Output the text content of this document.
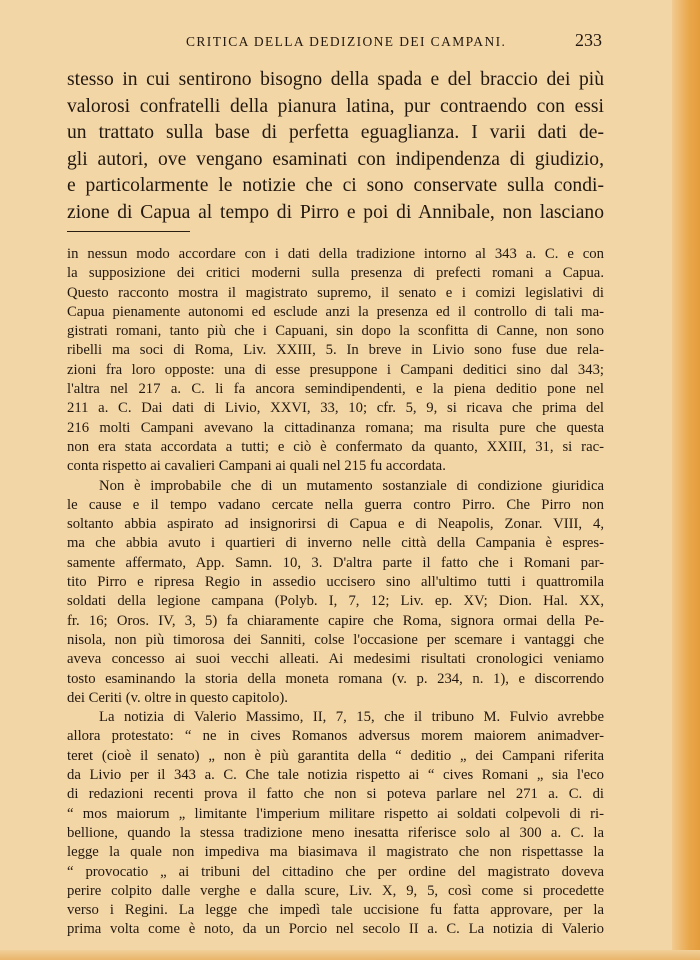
CRITICA DELLA DEDIZIONE DEI CAMPANI.	233
stesso in cui sentirono bisogno della spada e del braccio dei più
valorosi confratelli della pianura latina, pur contraendo con essi
un trattato sulla base di perfetta eguaglianza. I varii dati de-
gli autori, ove vengano esaminati con indipendenza di giudizio,
e particolarmente le notizie che ci sono conservate sulla condi-
zione di Capua al tempo di Pirro e poi di Annibale, non lasciano
in nessun modo accordare con i dati della tradizione intorno al 343 a. C. e con
la supposizione dei critici moderni sulla presenza di prefecti romani a Capua.
Questo racconto mostra il magistrato supremo, il senato e i comizi legislativi di
Capua pienamente autonomi ed esclude anzi la presenza ed il controllo di tali ma-
gistrati romani, tanto più che i Capuani, sin dopo la sconfitta di Canne, non sono
ribelli ma soci di Roma, Liv. XXIII, 5. In breve in Livio sono fuse due rela-
zioni fra loro opposte: una di esse presuppone i Campani deditici sino dal 343;
l'altra nel 217 a. C. li fa ancora semindipendenti, e la piena deditio pone nel
211 a. C. Dai dati di Livio, XXVI, 33, 10; cfr. 5, 9, si ricava che prima del
216 molti Campani avevano la cittadinanza romana; ma risulta pure che questa
non era stata accordata a tutti; e ciò è confermato da quanto, XXIII, 31, si rac-
conta rispetto ai cavalieri Campani ai quali nel 215 fu accordata.
Non è improbabile che di un mutamento sostanziale di condizione giuridica
le cause e il tempo vadano cercate nella guerra contro Pirro. Che Pirro non
soltanto abbia aspirato ad insignorirsi di Capua e di Neapolis, Zonar. VIII, 4,
ma che abbia avuto i quartieri di inverno nelle città della Campania è espres-
samente affermato, App. Samn. 10, 3. D'altra parte il fatto che i Romani par-
tito Pirro e ripresa Regio in assedio uccisero sino all'ultimo tutti i quattromila
soldati della legione campana (Polyb. I, 7, 12; Liv. ep. XV; Dion. Hal. XX,
fr. 16; Oros. IV, 3, 5) fa chiaramente capire che Roma, signora ormai della Pe-
nisola, non più timorosa dei Sanniti, colse l'occasione per scemare i vantaggi che
aveva concesso ai suoi vecchi alleati. Ai medesimi risultati cronologici veniamo
tosto esaminando la storia della moneta romana (v. p. 234, n. 1), e discorrendo
dei Ceriti (v. oltre in questo capitolo).
La notizia di Valerio Massimo, II, 7, 15, che il tribuno M. Fulvio avrebbe
allora protestato: “ ne in cives Romanos adversus morem maiorem animadver-
teret (cioè il senato) „ non è più garantita della “ deditio „ dei Campani riferita
da Livio per il 343 a. C. Che tale notizia rispetto ai “ cives Romani „ sia l'eco
di redazioni recenti prova il fatto che non si poteva parlare nel 271 a. C. di
“ mos maiorum „ limitante l'imperium militare rispetto ai soldati colpevoli di ri-
bellione, quando la stessa tradizione meno inesatta riferisce solo al 300 a. C. la
legge la quale non impediva ma biasimava il magistrato che non rispettasse la
“ provocatio „ ai tribuni del cittadino che per ordine del magistrato doveva
perire colpito dalle verghe e dalla scure, Liv. X, 9, 5, così come si procedette
verso i Regini. La legge che impedì tale uccisione fu fatta approvare, per la
prima volta come è noto, da un Porcio nel secolo II a. C. La notizia di Valerio
